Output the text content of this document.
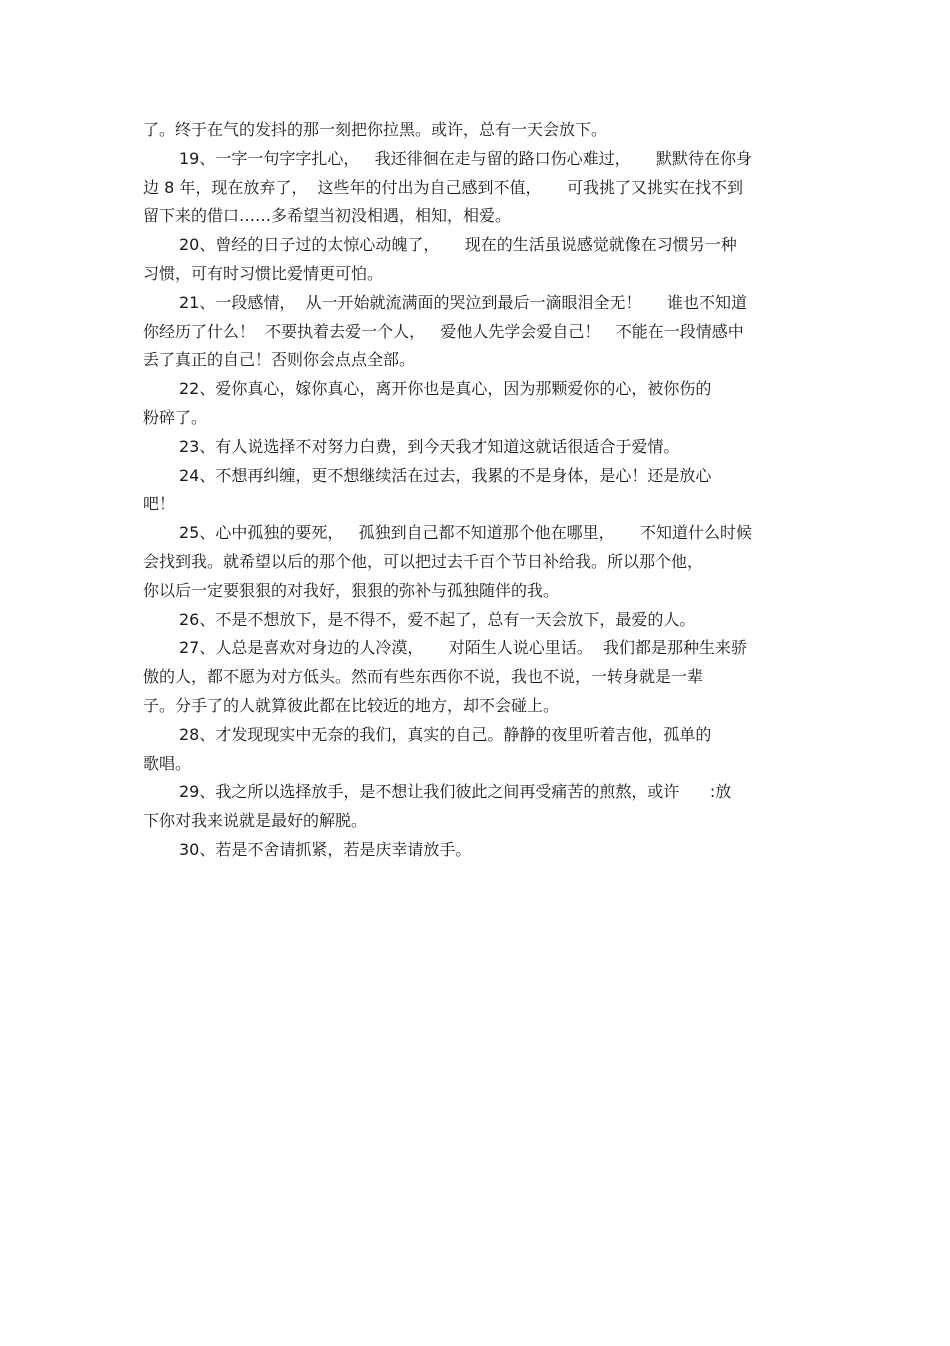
了。终于在气的发抖的那一刻把你拉黑。或许，总有一天会放下。
19、一字一句字字扎心，   我还徘徊在走与留的路口伤心难过，     默默待在你身
边 8 年，现在放弃了，  这些年的付出为自己感到不值，     可我挑了又挑实在找不到
留下来的借口……多希望当初没相遇，相知，相爱。
20、曾经的日子过的太惊心动魄了，     现在的生活虽说感觉就像在习惯另一种
习惯，可有时习惯比爱情更可怕。
21、一段感情，  从一开始就流满面的哭泣到最后一滴眼泪全无！     谁也不知道
你经历了什么！  不要执着去爱一个人，   爱他人先学会爱自己！   不能在一段情感中
丢了真正的自己！否则你会点点全部。
22、爱你真心，嫁你真心，离开你也是真心，因为那颗爱你的心，被你伤的
粉碎了。
23、有人说选择不对努力白费，到今天我才知道这就话很适合于爱情。
24、不想再纠缠，更不想继续活在过去，我累的不是身体，是心！还是放心
吧！
25、心中孤独的要死，   孤独到自己都不知道那个他在哪里，     不知道什么时候
会找到我。就希望以后的那个他，可以把过去千百个节日补给我。所以那个他，
你以后一定要狠狠的对我好，狠狠的弥补与孤独随伴的我。
26、不是不想放下，是不得不，爱不起了，总有一天会放下，最爱的人。
27、人总是喜欢对身边的人冷漠，     对陌生人说心里话。  我们都是那种生来骄
傲的人，都不愿为对方低头。然而有些东西你不说，我也不说，一转身就是一辈
子。分手了的人就算彼此都在比较近的地方，却不会碰上。
28、才发现现实中无奈的我们，真实的自己。静静的夜里听着吉他，孤单的
歌唱。
29、我之所以选择放手，是不想让我们彼此之间再受痛苦的煎熬，或许      :放
下你对我来说就是最好的解脱。
30、若是不舍请抓紧，若是庆幸请放手。
